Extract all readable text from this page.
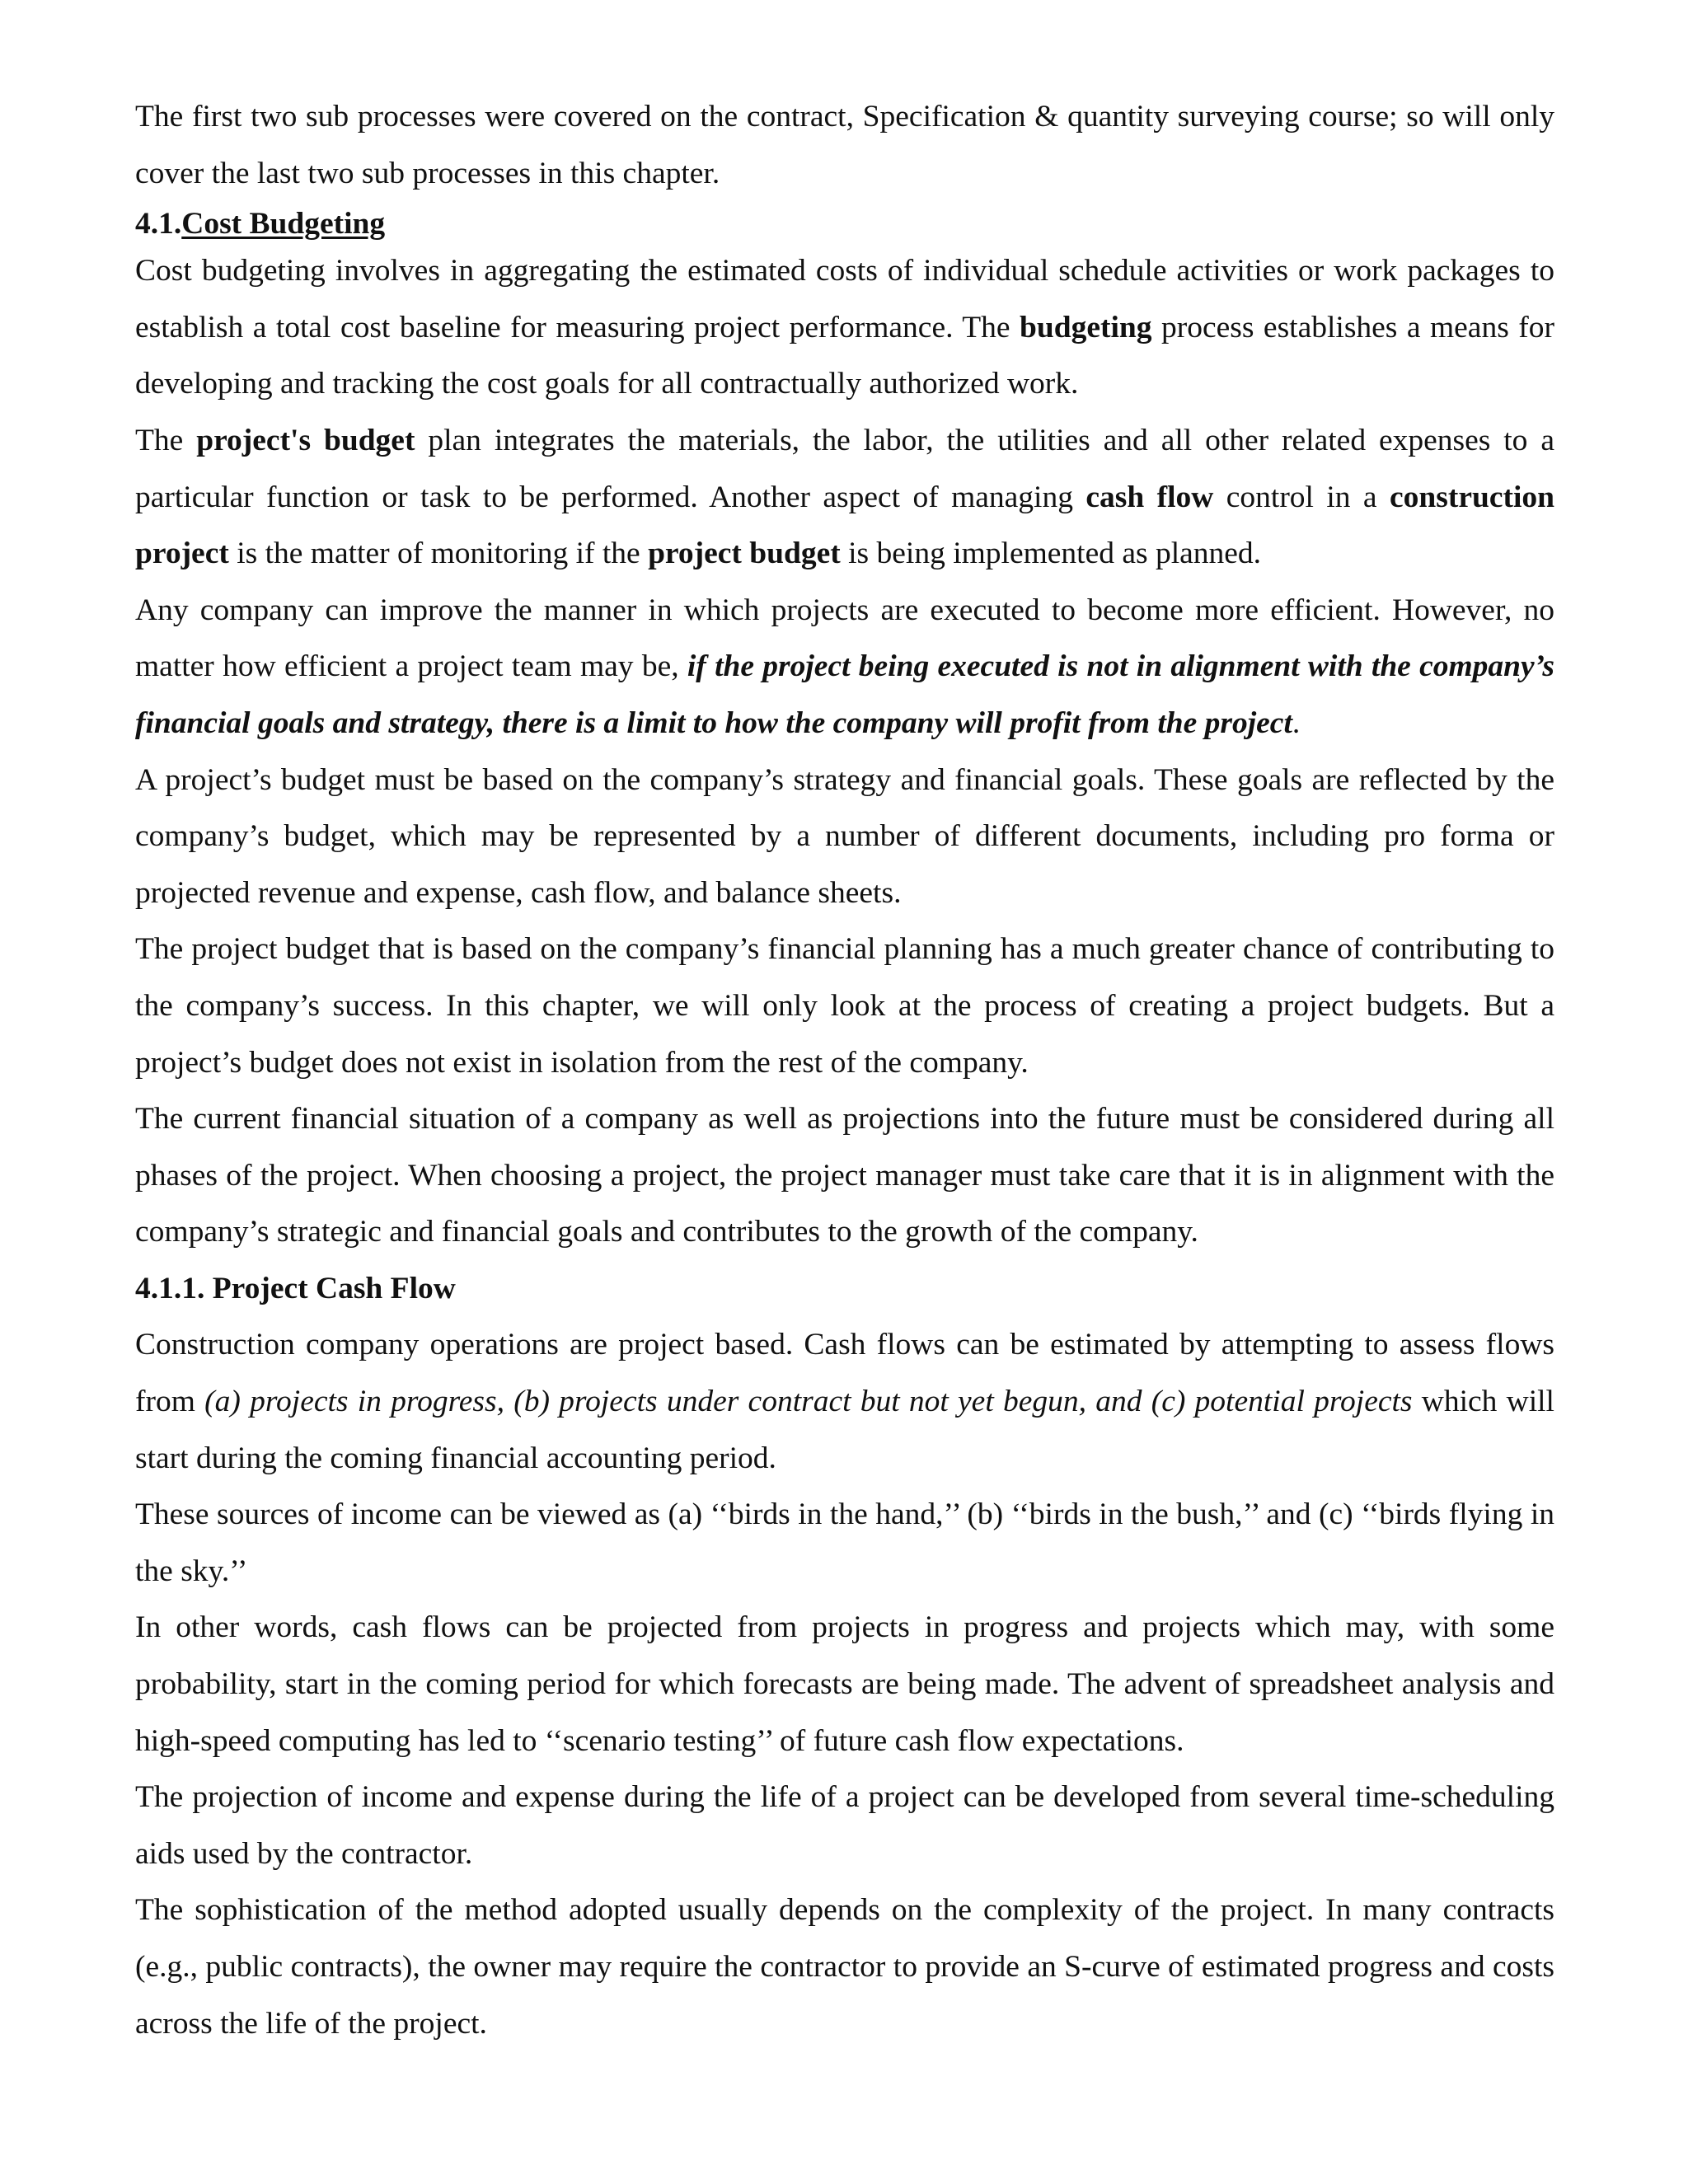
The first two sub processes were covered on the contract, Specification & quantity surveying course; so will only cover the last two sub processes in this chapter.

4.1.Cost Budgeting

Cost budgeting involves in aggregating the estimated costs of individual schedule activities or work packages to establish a total cost baseline for measuring project performance. The budgeting process establishes a means for developing and tracking the cost goals for all contractually authorized work.

The project's budget plan integrates the materials, the labor, the utilities and all other related expenses to a particular function or task to be performed. Another aspect of managing cash flow control in a construction project is the matter of monitoring if the project budget is being implemented as planned.

Any company can improve the manner in which projects are executed to become more efficient. However, no matter how efficient a project team may be, if the project being executed is not in alignment with the company’s financial goals and strategy, there is a limit to how the company will profit from the project.

A project’s budget must be based on the company’s strategy and financial goals. These goals are reflected by the company’s budget, which may be represented by a number of different documents, including pro forma or projected revenue and expense, cash flow, and balance sheets.

The project budget that is based on the company’s financial planning has a much greater chance of contributing to the company’s success. In this chapter, we will only look at the process of creating a project budgets. But a project’s budget does not exist in isolation from the rest of the company.

The current financial situation of a company as well as projections into the future must be considered during all phases of the project. When choosing a project, the project manager must take care that it is in alignment with the company’s strategic and financial goals and contributes to the growth of the company.

4.1.1. Project Cash Flow

Construction company operations are project based. Cash flows can be estimated by attempting to assess flows from (a) projects in progress, (b) projects under contract but not yet begun, and (c) potential projects which will start during the coming financial accounting period.

These sources of income can be viewed as (a) ‘‘birds in the hand,’’ (b) ‘‘birds in the bush,’’ and (c) ‘‘birds flying in the sky.’’

In other words, cash flows can be projected from projects in progress and projects which may, with some probability, start in the coming period for which forecasts are being made. The advent of spreadsheet analysis and high-speed computing has led to ‘‘scenario testing’’ of future cash flow expectations.

The projection of income and expense during the life of a project can be developed from several time-scheduling aids used by the contractor.

The sophistication of the method adopted usually depends on the complexity of the project. In many contracts (e.g., public contracts), the owner may require the contractor to provide an S-curve of estimated progress and costs across the life of the project.
